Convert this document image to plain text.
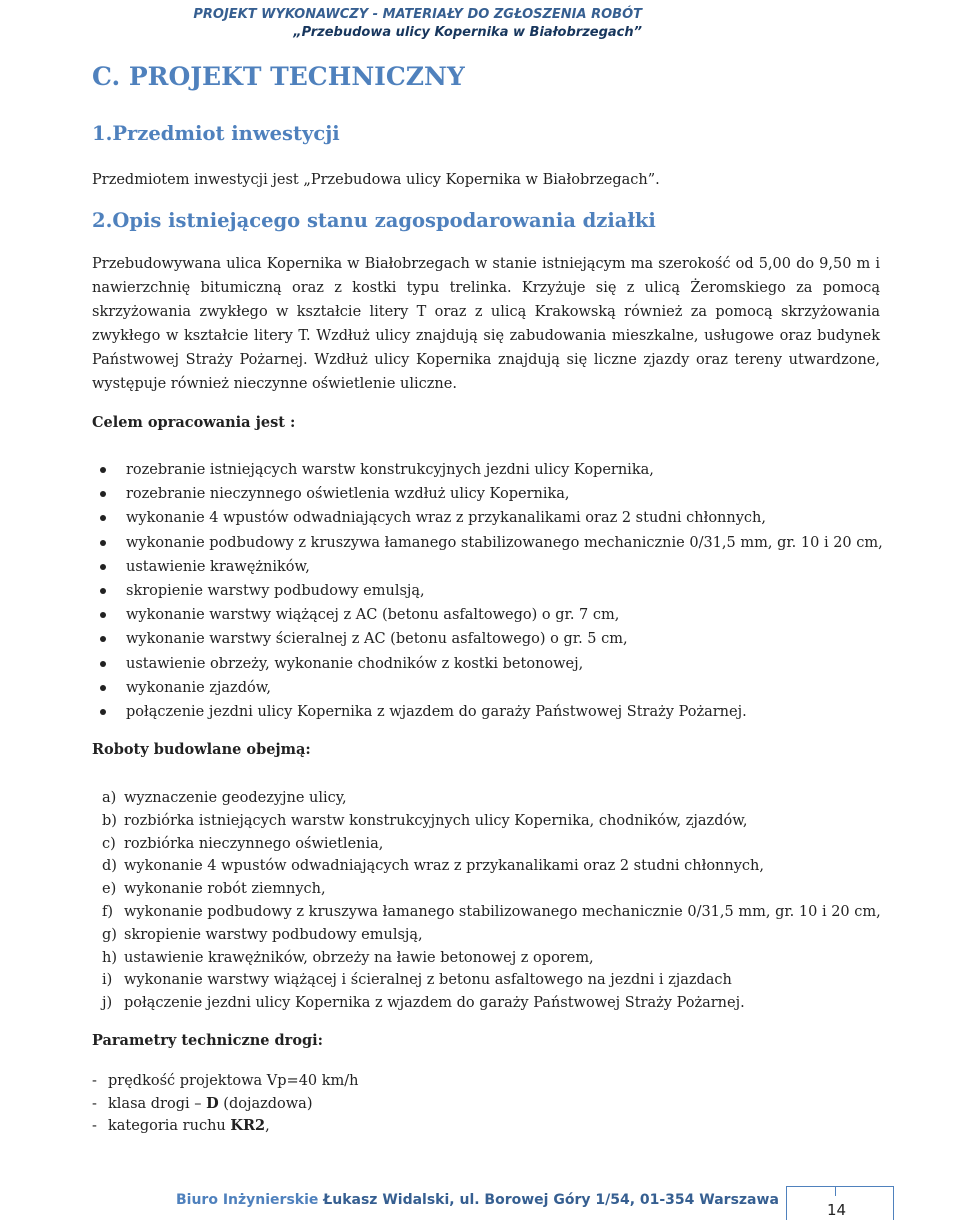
PROJEKT WYKONAWCZY - MATERIAŁY DO ZGŁOSZENIA ROBÓT
„Przebudowa ulicy Kopernika w Białobrzegach”
C. PROJEKT TECHNICZNY
1.Przedmiot inwestycji
Przedmiotem inwestycji jest „Przebudowa ulicy Kopernika w Białobrzegach”.
2.Opis istniejącego stanu zagospodarowania działki
Przebudowywana ulica Kopernika w Białobrzegach w stanie istniejącym ma szerokość od 5,00 do 9,50 m i nawierzchnię bitumiczną oraz z kostki typu trelinka. Krzyżuje się z ulicą Żeromskiego za pomocą skrzyżowania zwykłego w kształcie litery T oraz z ulicą Krakowską również za pomocą skrzyżowania zwykłego w kształcie litery T. Wzdłuż ulicy znajdują się zabudowania mieszkalne, usługowe oraz budynek Państwowej Straży Pożarnej. Wzdłuż ulicy Kopernika znajdują się liczne zjazdy oraz tereny utwardzone, występuje również nieczynne oświetlenie uliczne.
Celem opracowania jest :
rozebranie istniejących warstw konstrukcyjnych jezdni ulicy Kopernika,
rozebranie nieczynnego oświetlenia wzdłuż ulicy Kopernika,
wykonanie 4 wpustów odwadniających wraz z przykanalikami oraz 2 studni chłonnych,
wykonanie podbudowy z kruszywa łamanego stabilizowanego mechanicznie 0/31,5 mm, gr. 10 i 20 cm,
ustawienie krawężników,
skropienie warstwy podbudowy emulsją,
wykonanie warstwy wiążącej z AC (betonu asfaltowego) o gr. 7 cm,
wykonanie warstwy ścieralnej z AC (betonu asfaltowego) o gr. 5 cm,
ustawienie obrzeży, wykonanie chodników z kostki betonowej,
wykonanie zjazdów,
połączenie jezdni ulicy Kopernika z wjazdem do garaży Państwowej Straży Pożarnej.
Roboty budowlane obejmą:
a) wyznaczenie geodezyjne ulicy,
b) rozbiórka istniejących warstw konstrukcyjnych ulicy Kopernika, chodników, zjazdów,
c) rozbiórka nieczynnego oświetlenia,
d) wykonanie 4 wpustów odwadniających wraz z przykanalikami oraz 2 studni chłonnych,
e) wykonanie robót ziemnych,
f) wykonanie podbudowy z kruszywa łamanego stabilizowanego mechanicznie 0/31,5 mm, gr. 10 i 20 cm,
g) skropienie warstwy podbudowy emulsją,
h) ustawienie krawężników, obrzeży na ławie betonowej z oporem,
i) wykonanie warstwy wiążącej i ścieralnej z betonu asfaltowego na jezdni i zjazdach
j) połączenie jezdni ulicy Kopernika z wjazdem do garaży Państwowej Straży Pożarnej.
Parametry techniczne drogi:
- prędkość projektowa Vp=40 km/h
- klasa drogi – D (dojazdowa)
- kategoria ruchu KR2,
Biuro Inżynierskie Łukasz Widalski, ul. Borowej Góry 1/54, 01-354 Warszawa
14
